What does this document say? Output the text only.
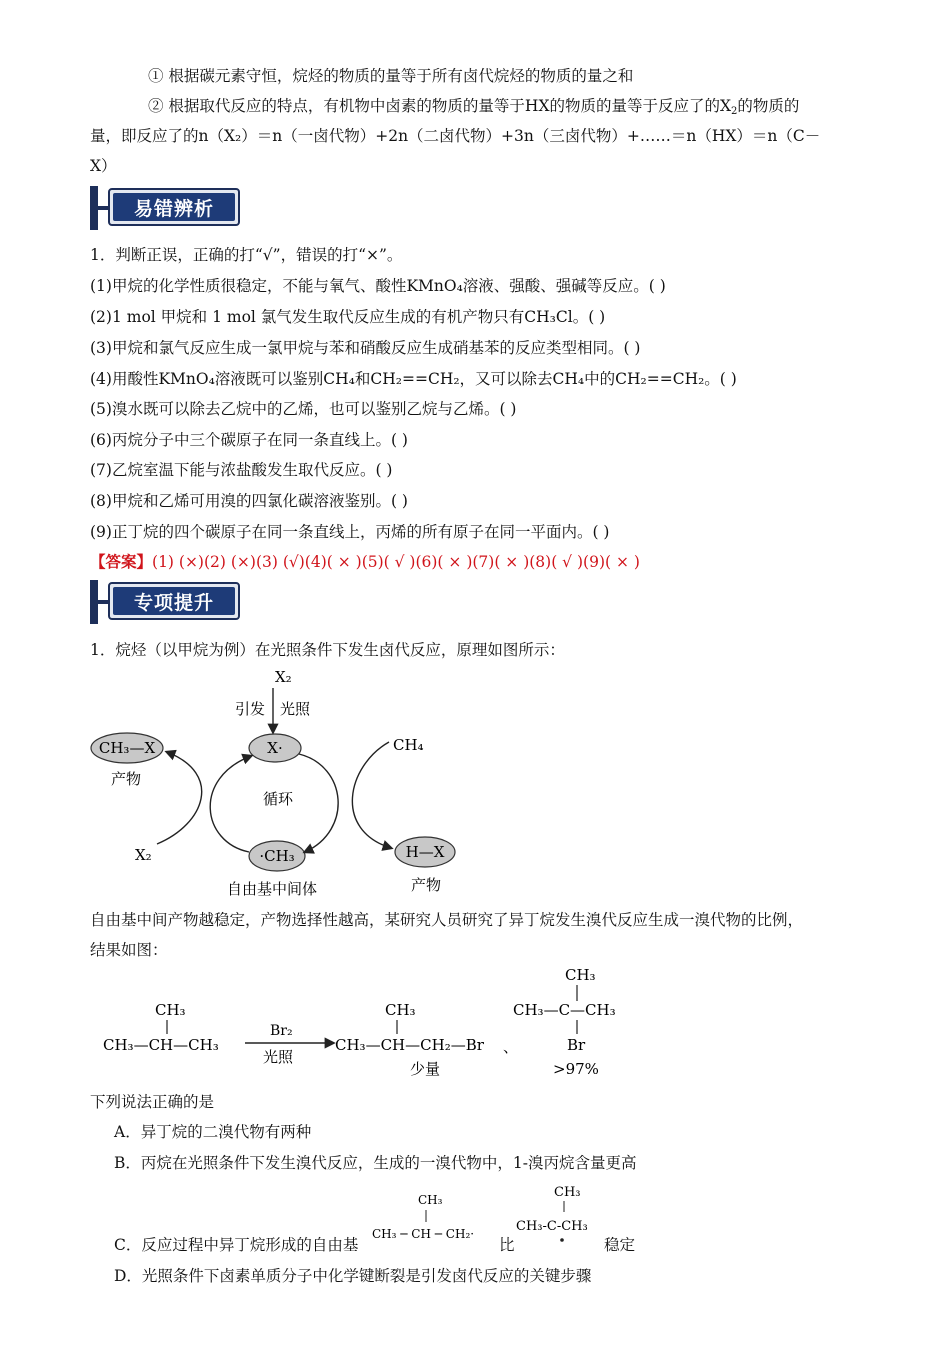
① 根据碳元素守恒，烷烃的物质的量等于所有卤代烷烃的物质的量之和
② 根据取代反应的特点，有机物中卤素的物质的量等于HX的物质的量等于反应了的$X_2$的物质的
量，即反应了的n（X₂）＝n（一卤代物）+2n（二卤代物）+3n（三卤代物）+……＝n（HX）＝n（C－
X）
易错辨析
1．判断正误，正确的打“√”，错误的打“×”。
(1)甲烷的化学性质很稳定，不能与氧气、酸性KMnO₄溶液、强酸、强碱等反应。( )
(2)1 mol 甲烷和 1 mol 氯气发生取代反应生成的有机产物只有CH₃Cl。( )
(3)甲烷和氯气反应生成一氯甲烷与苯和硝酸反应生成硝基苯的反应类型相同。( )
(4)用酸性KMnO₄溶液既可以鉴别CH₄和CH₂==CH₂，又可以除去CH₄中的CH₂==CH₂。( )
(5)溴水既可以除去乙烷中的乙烯，也可以鉴别乙烷与乙烯。( )
(6)丙烷分子中三个碳原子在同一条直线上。( )
(7)乙烷室温下能与浓盐酸发生取代反应。( )
(8)甲烷和乙烯可用溴的四氯化碳溶液鉴别。( )
(9)正丁烷的四个碳原子在同一条直线上，丙烯的所有原子在同一平面内。( )
【答案】(1) (×)(2) (×)(3) (√)(4)( × )(5)( √ )(6)( × )(7)( × )(8)( √ )(9)( × )
专项提升
1．烷烃（以甲烷为例）在光照条件下发生卤代反应，原理如图所示：
X₂
引发 光照
X·
CH₃—X
产物
CH₄
循环
X₂	·CH₃
自由基中间体
H—X
产物
自由基中间产物越稳定，产物选择性越高，某研究人员研究了异丁烷发生溴代反应生成一溴代物的比例，
结果如图：
CH₃
CH₃—CH—CH₃
Br₂
光照
CH₃
CH₃—CH—CH₂—Br
少量
、
CH₃
CH₃—C—CH₃
Br
>97%
下列说法正确的是
A．异丁烷的二溴代物有两种
B．丙烷在光照条件下发生溴代反应，生成的一溴代物中，1-溴丙烷含量更高
C．反应过程中异丁烷形成的自由基
CH₃
CH₃ ─ CH ─ CH₂·
比
CH₃
CH₃-C-CH₃
稳定
D．光照条件下卤素单质分子中化学键断裂是引发卤代反应的关键步骤
